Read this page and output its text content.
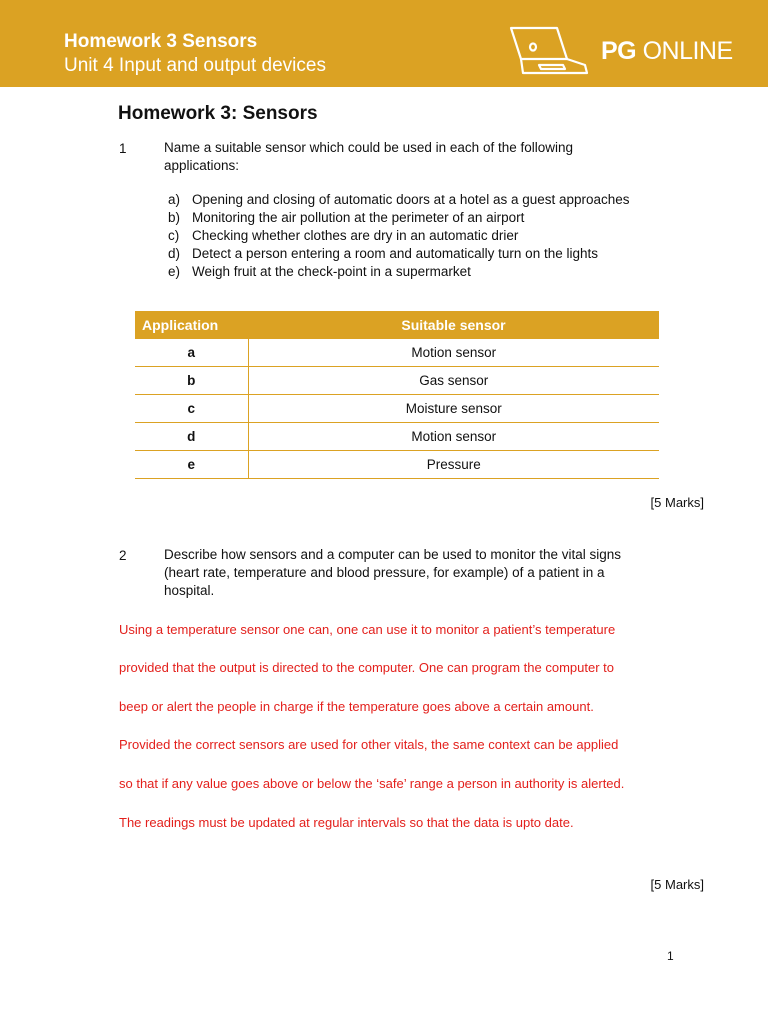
Homework 3 Sensors
Unit 4 Input and output devices
PG ONLINE
Homework 3: Sensors
1	Name a suitable sensor which could be used in each of the following applications:
a) Opening and closing of automatic doors at a hotel as a guest approaches
b) Monitoring the air pollution at the perimeter of an airport
c) Checking whether clothes are dry in an automatic drier
d) Detect a person entering a room and automatically turn on the lights
e) Weigh fruit at the check-point in a supermarket
Application	Suitable sensor
a	Motion sensor
b	Gas sensor
c	Moisture sensor
d	Motion sensor
e	Pressure
[5 Marks]
2	Describe how sensors and a computer can be used to monitor the vital signs (heart rate, temperature and blood pressure, for example) of a patient in a hospital.
Using a temperature sensor one can, one can use it to monitor a patient’s temperature
provided that the output is directed to the computer. One can program the computer to
beep or alert the people in charge if the temperature goes above a certain amount.
Provided the correct sensors are used for other vitals, the same context can be applied
so that if any value goes above or below the ‘safe’ range a person in authority is alerted.
The readings must be updated at regular intervals so that the data is upto date.
[5 Marks]
1
